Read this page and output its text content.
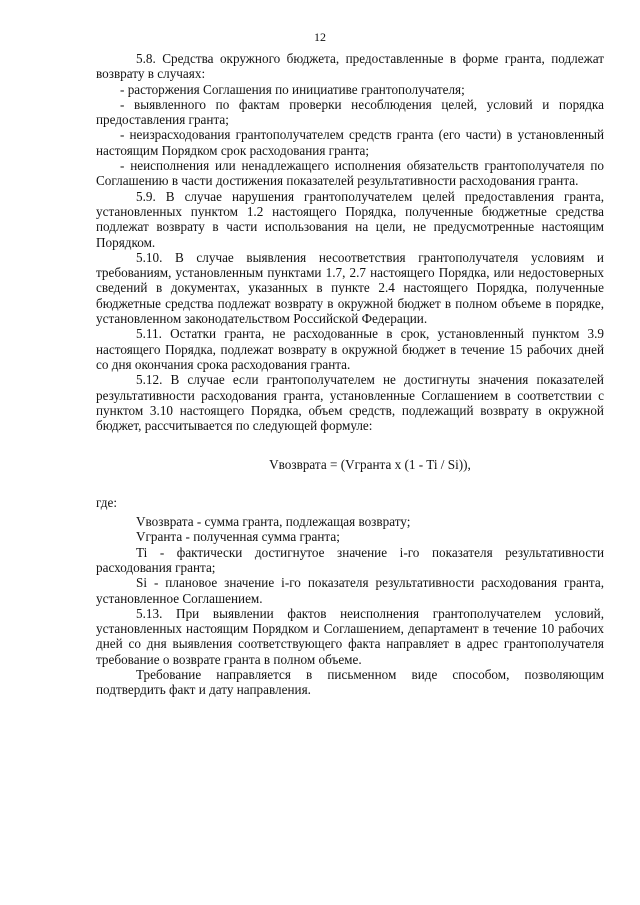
12

5.8. Средства окружного бюджета, предоставленные в форме гранта, подлежат возврату в случаях:

- расторжения Соглашения по инициативе грантополучателя;

- выявленного по фактам проверки несоблюдения целей, условий и порядка предоставления гранта;

- неизрасходования грантополучателем средств гранта (его части) в установленный настоящим Порядком срок расходования гранта;

- неисполнения или ненадлежащего исполнения обязательств грантополучателя по Соглашению в части достижения показателей результативности расходования гранта.

5.9. В случае нарушения грантополучателем целей предоставления гранта, установленных пунктом 1.2 настоящего Порядка, полученные бюджетные средства подлежат возврату в части использования на цели, не предусмотренные настоящим Порядком.

5.10. В случае выявления несоответствия грантополучателя условиям и требованиям, установленным пунктами 1.7, 2.7 настоящего Порядка, или недостоверных сведений в документах, указанных в пункте 2.4 настоящего Порядка, полученные бюджетные средства подлежат возврату в окружной бюджет в полном объеме в порядке, установленном законодательством Российской Федерации.

5.11. Остатки гранта, не расходованные в срок, установленный пунктом 3.9 настоящего Порядка, подлежат возврату в окружной бюджет в течение 15 рабочих дней со дня окончания срока расходования гранта.

5.12. В случае если грантополучателем не достигнуты значения показателей результативности расходования гранта, установленные Соглашением в соответствии с пунктом 3.10 настоящего Порядка, объем средств, подлежащий возврату в окружной бюджет, рассчитывается по следующей формуле:

Vвозврата = (Vгранта x (1 - Ti / Si)),

где:

Vвозврата - сумма гранта, подлежащая возврату;

Vгранта - полученная сумма гранта;

Ti - фактически достигнутое значение i-го показателя результативности расходования гранта;

Si - плановое значение i-го показателя результативности расходования гранта, установленное Соглашением.

5.13. При выявлении фактов неисполнения грантополучателем условий, установленных настоящим Порядком и Соглашением, департамент в течение 10 рабочих дней со дня выявления соответствующего факта направляет в адрес грантополучателя требование о возврате гранта в полном объеме.

Требование направляется в письменном виде способом, позволяющим подтвердить факт и дату направления.
